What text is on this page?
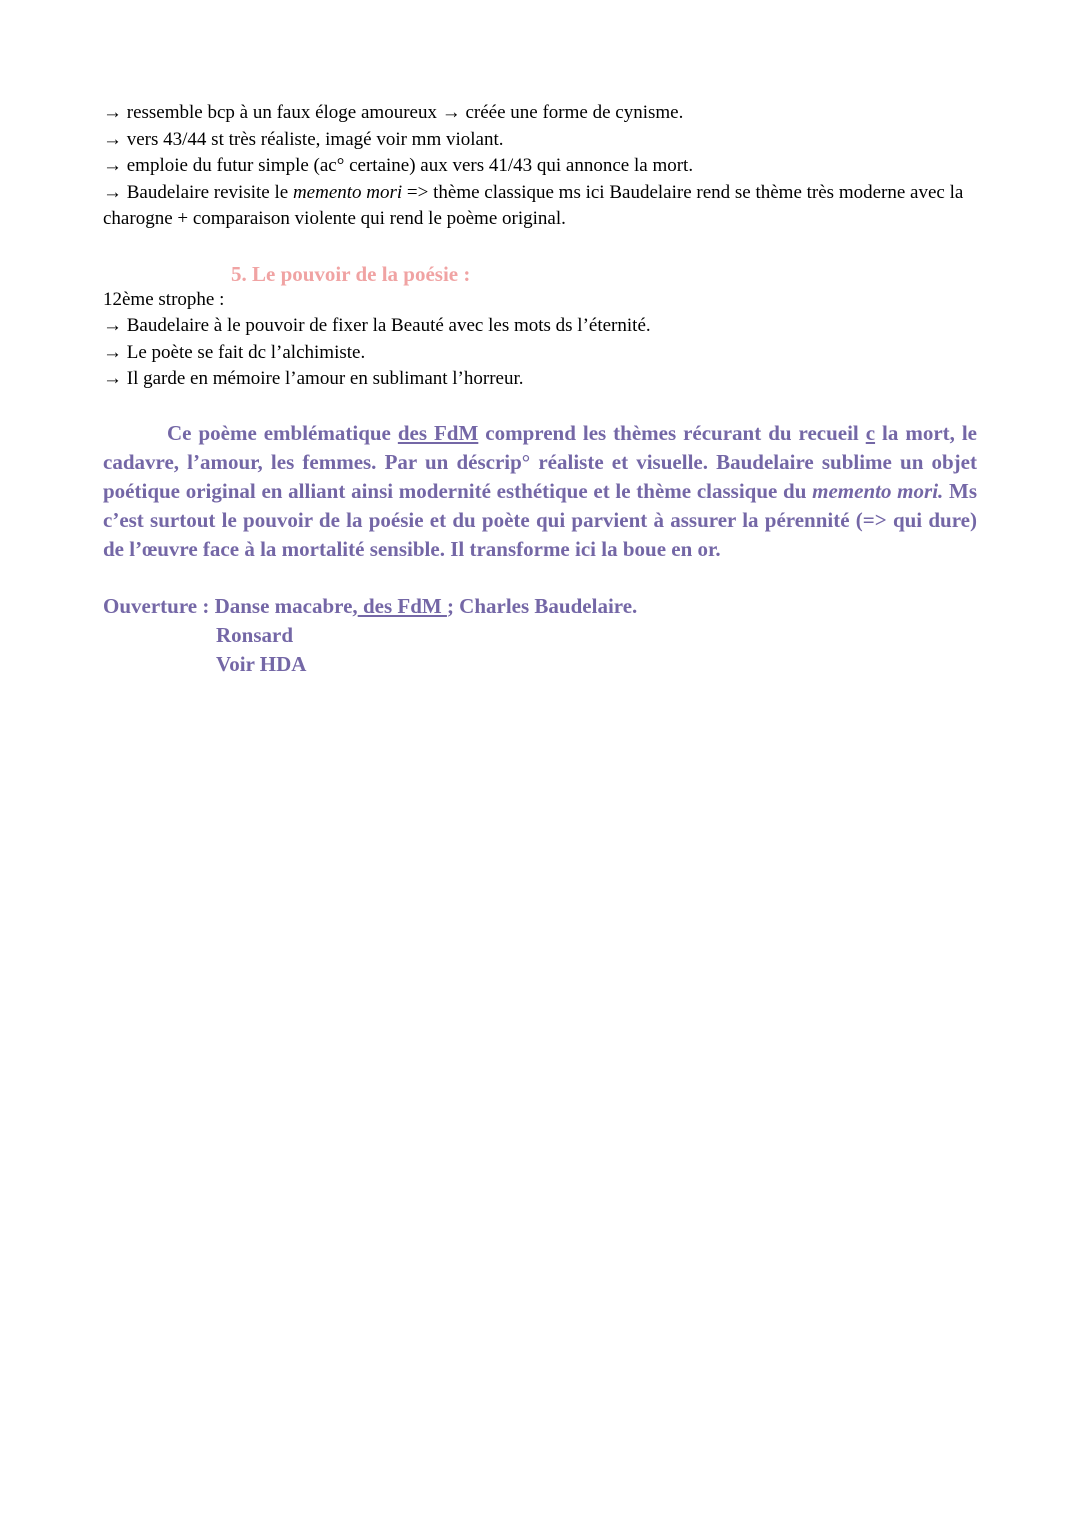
→ ressemble bcp à un faux éloge amoureux → créée une forme de cynisme.
→ vers 43/44 st très réaliste, imagé voir mm violant.
→ emploie du futur simple (ac° certaine) aux vers 41/43 qui annonce la mort.
→ Baudelaire revisite le memento mori => thème classique ms ici Baudelaire rend se thème très moderne avec la charogne + comparaison violente qui rend le poème original.
5. Le pouvoir de la poésie :
12ème strophe :
→ Baudelaire à le pouvoir de fixer la Beauté avec les mots ds l’éternité.
→ Le poète se fait dc l’alchimiste.
→ Il garde en mémoire l’amour en sublimant l’horreur.
Ce poème emblématique des FdM comprend les thèmes récurant du recueil c la mort, le cadavre, l’amour, les femmes. Par un déscrip° réaliste et visuelle. Baudelaire sublime un objet poétique original en alliant ainsi modernité esthétique et le thème classique du memento mori. Ms c’est surtout le pouvoir de la poésie et du poète qui parvient à assurer la pérennité (=> qui dure) de l’œuvre face à la mortalité sensible. Il transforme ici la boue en or.
Ouverture : Danse macabre, des FdM ; Charles Baudelaire.
Ronsard
Voir HDA
